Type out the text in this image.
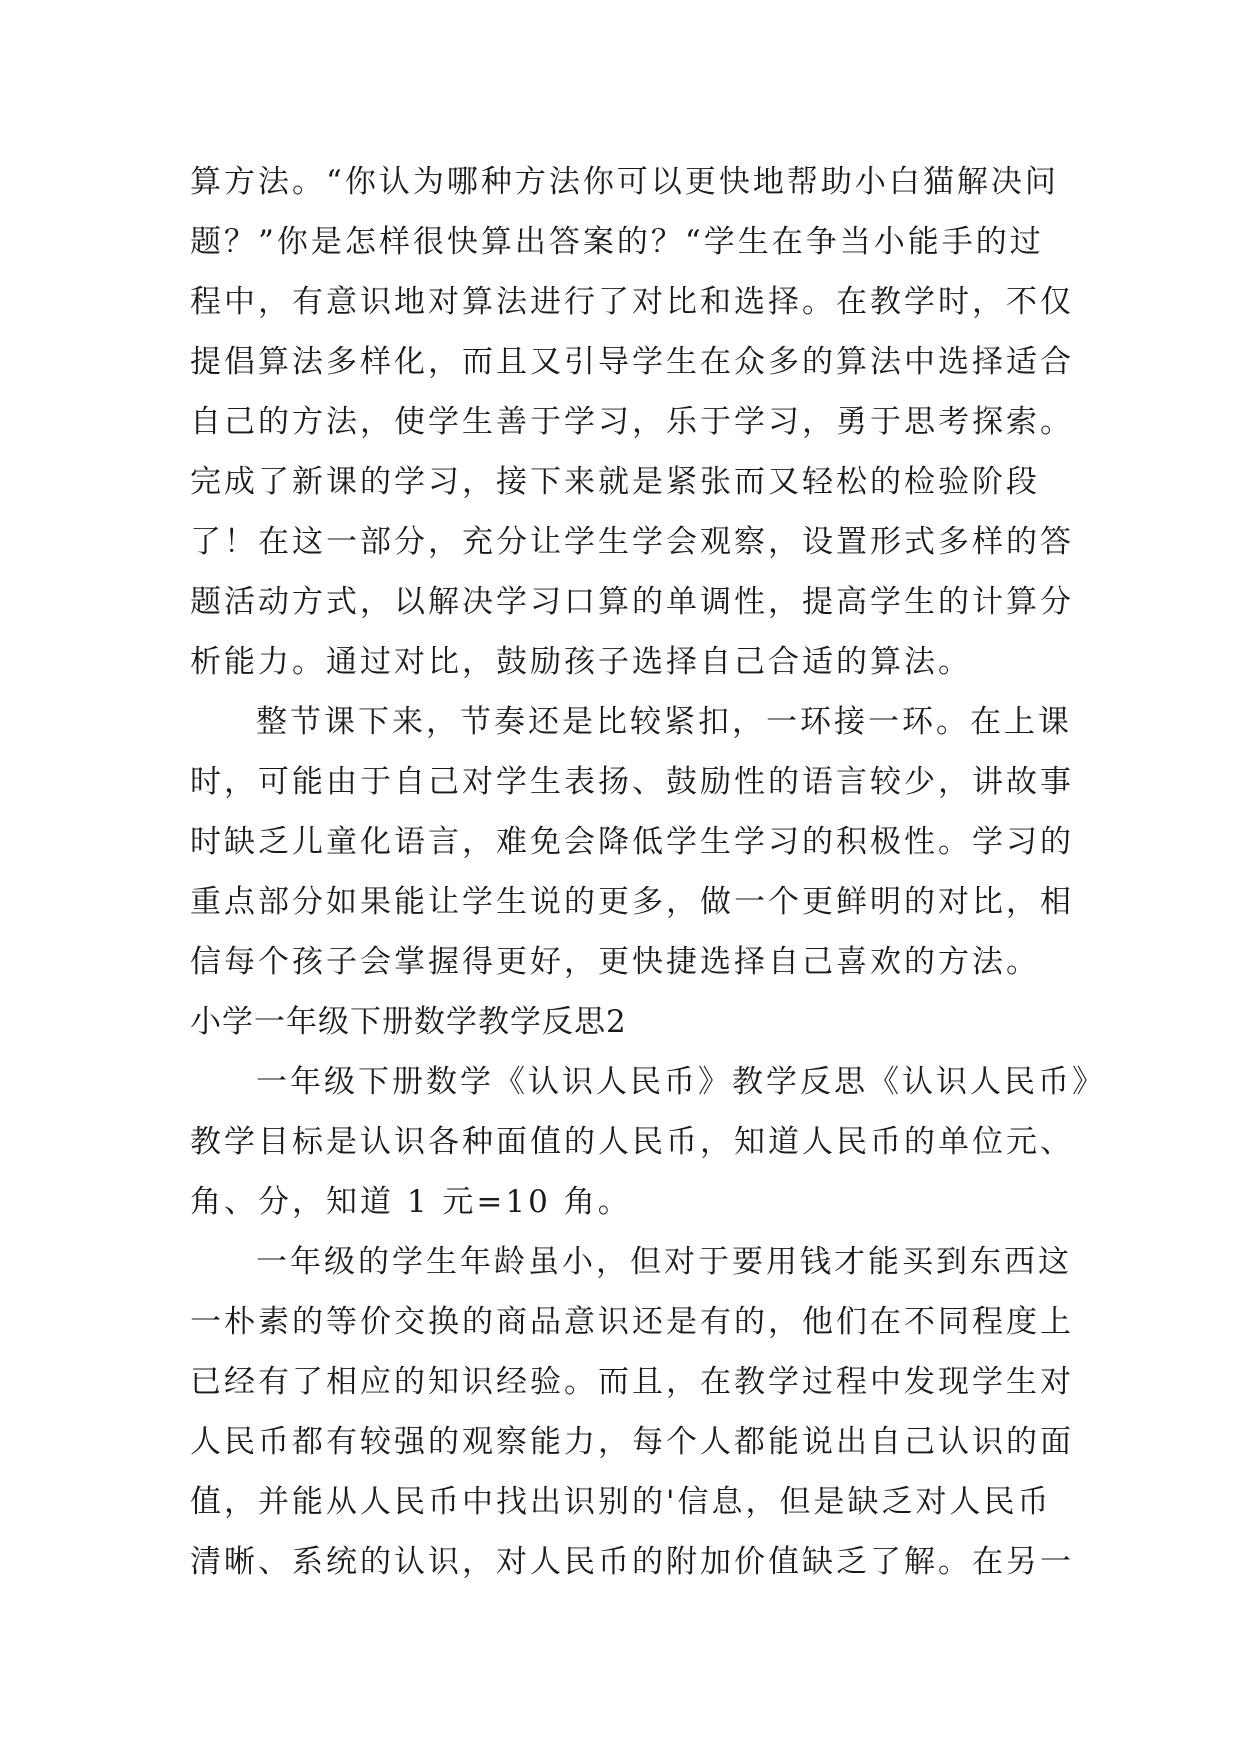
算方法。“你认为哪种方法你可以更快地帮助小白猫解决问
题？”你是怎样很快算出答案的？“学生在争当小能手的过
程中，有意识地对算法进行了对比和选择。在教学时，不仅
提倡算法多样化，而且又引导学生在众多的算法中选择适合
自己的方法，使学生善于学习，乐于学习，勇于思考探索。
完成了新课的学习，接下来就是紧张而又轻松的检验阶段
了！在这一部分，充分让学生学会观察，设置形式多样的答
题活动方式，以解决学习口算的单调性，提高学生的计算分
析能力。通过对比，鼓励孩子选择自己合适的算法。
整节课下来，节奏还是比较紧扣，一环接一环。在上课
时，可能由于自己对学生表扬、鼓励性的语言较少，讲故事
时缺乏儿童化语言，难免会降低学生学习的积极性。学习的
重点部分如果能让学生说的更多，做一个更鲜明的对比，相
信每个孩子会掌握得更好，更快捷选择自己喜欢的方法。
小学一年级下册数学教学反思2
一年级下册数学《认识人民币》教学反思《认识人民币》
教学目标是认识各种面值的人民币，知道人民币的单位元、
角、分，知道 1 元=10 角。
一年级的学生年龄虽小，但对于要用钱才能买到东西这
一朴素的等价交换的商品意识还是有的，他们在不同程度上
已经有了相应的知识经验。而且，在教学过程中发现学生对
人民币都有较强的观察能力，每个人都能说出自己认识的面
值，并能从人民币中找出识别的'信息，但是缺乏对人民币
清晰、系统的认识，对人民币的附加价值缺乏了解。在另一
